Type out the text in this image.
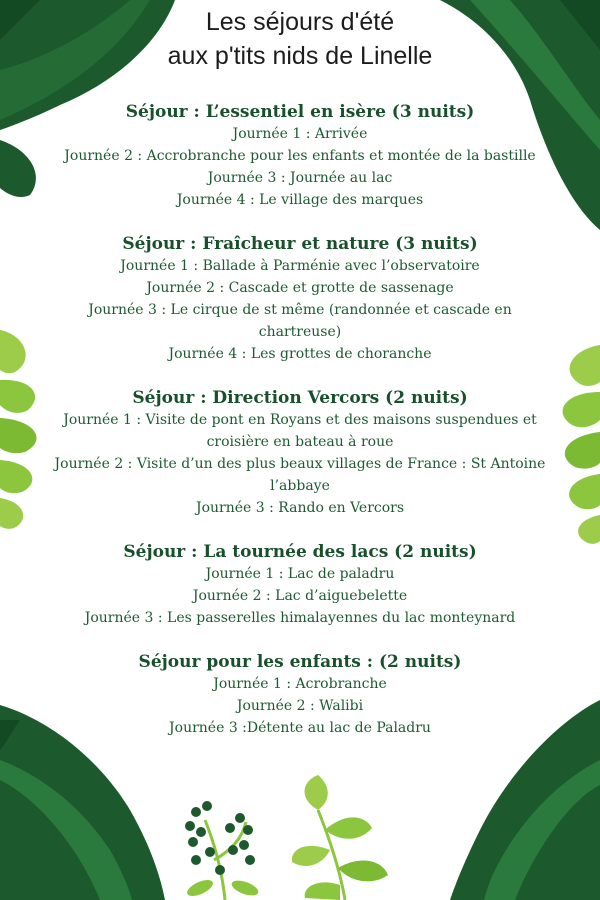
Les séjours d'été
aux p'tits nids de Linelle
Séjour : L’essentiel en isère (3 nuits)
Journée 1 : Arrivée
Journée 2 : Accrobranche pour les enfants et montée de la bastille
Journée 3 : Journée au lac
Journée 4 : Le village des marques
Séjour : Fraîcheur et nature (3 nuits)
Journée 1 : Ballade à Parménie avec l’observatoire
Journée 2 : Cascade et grotte de sassenage
Journée 3 : Le cirque de st même (randonnée et cascade en chartreuse)
Journée 4 : Les grottes de choranche
Séjour : Direction Vercors (2 nuits)
Journée 1 : Visite de pont en Royans et des maisons suspendues et croisière en bateau à roue
Journée 2 : Visite d’un des plus beaux villages de France : St Antoine l’abbaye
Journée 3 : Rando en Vercors
Séjour : La tournée des lacs (2 nuits)
Journée 1 : Lac de paladru
Journée 2 : Lac d’aiguebelette
Journée 3 : Les passerelles himalayennes du lac monteynard
Séjour pour les enfants : (2 nuits)
Journée 1 : Acrobranche
Journée 2 : Walibi
Journée 3 :Détente au lac de Paladru
